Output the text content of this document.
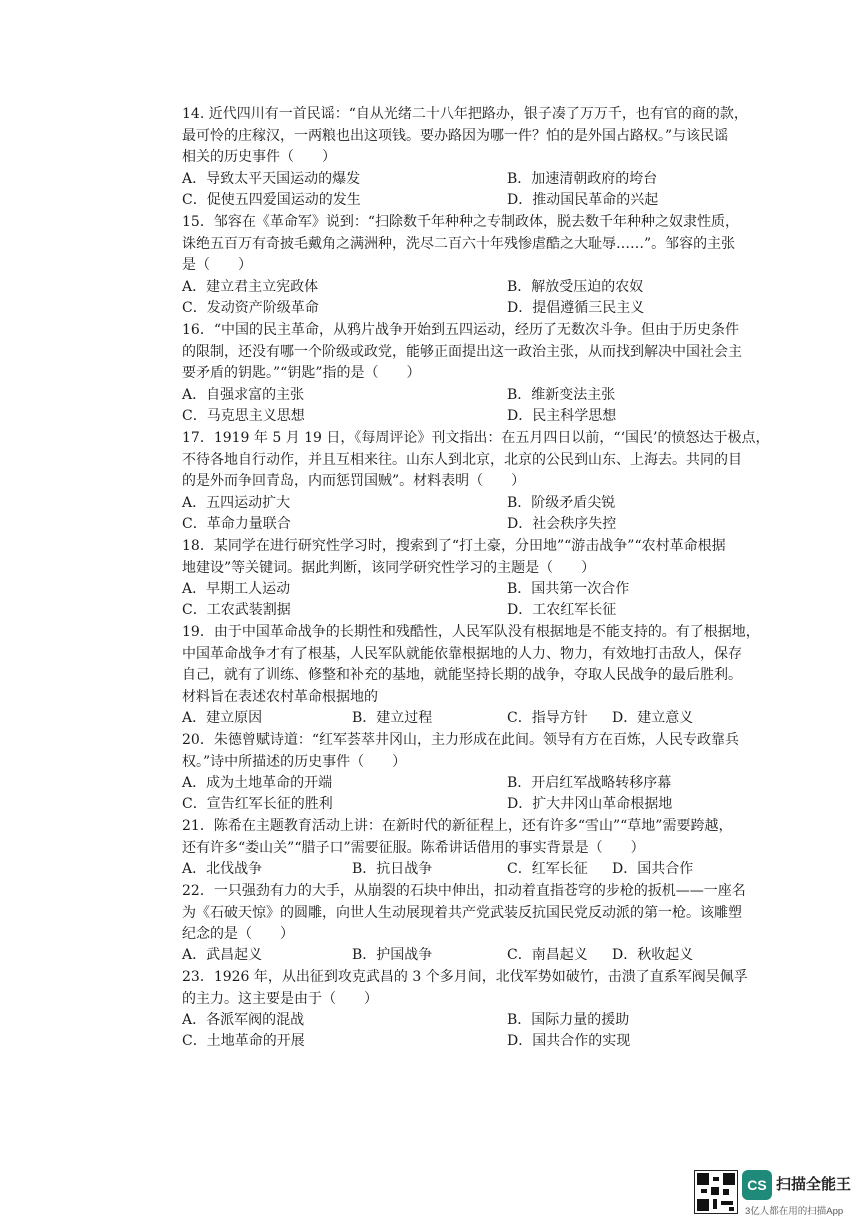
14. 近代四川有一首民谣：“自从光绪二十八年把路办，银子凑了万万千，也有官的商的款，
最可怜的庄稼汉，一两粮也出这项钱。要办路因为哪一件？怕的是外国占路权。”与该民谣
相关的历史事件（　　）
A．导致太平天国运动的爆发	B．加速清朝政府的垮台
C．促使五四爱国运动的发生	D．推动国民革命的兴起
15．邹容在《革命军》说到：“扫除数千年种种之专制政体，脱去数千年种种之奴隶性质，
诛绝五百万有奇披毛戴角之满洲种，洗尽二百六十年残惨虐酷之大耻辱……”。邹容的主张
是（　　）
A．建立君主立宪政体	B．解放受压迫的农奴
C．发动资产阶级革命	D．提倡遵循三民主义
16．“中国的民主革命，从鸦片战争开始到五四运动，经历了无数次斗争。但由于历史条件
的限制，还没有哪一个阶级或政党，能够正面提出这一政治主张，从而找到解决中国社会主
要矛盾的钥匙。”“钥匙”指的是（　　）
A．自强求富的主张	B．维新变法主张
C．马克思主义思想	D．民主科学思想
17．1919 年 5 月 19 日，《每周评论》刊文指出：在五月四日以前，“‘国民’的愤怒达于极点，
不待各地自行动作，并且互相来往。山东人到北京，北京的公民到山东、上海去。共同的目
的是外而争回青岛，内而惩罚国贼”。材料表明（　　）
A．五四运动扩大	B．阶级矛盾尖锐
C．革命力量联合	D．社会秩序失控
18．某同学在进行研究性学习时，搜索到了“打土豪，分田地”“游击战争”“农村革命根据
地建设”等关键词。据此判断，该同学研究性学习的主题是（　　）
A．早期工人运动	B．国共第一次合作
C．工农武装割据	D．工农红军长征
19．由于中国革命战争的长期性和残酷性，人民军队没有根据地是不能支持的。有了根据地，
中国革命战争才有了根基，人民军队就能依靠根据地的人力、物力，有效地打击敌人，保存
自己，就有了训练、修整和补充的基地，就能坚持长期的战争，夺取人民战争的最后胜利。
材料旨在表述农村革命根据地的
A．建立原因	B．建立过程	C．指导方针 D．建立意义
20．朱德曾赋诗道：“红军荟萃井冈山，主力形成在此间。领导有方在百炼，人民专政靠兵
权。”诗中所描述的历史事件（　　）
A．成为土地革命的开端	B．开启红军战略转移序幕
C．宣告红军长征的胜利	D．扩大井冈山革命根据地
21．陈希在主题教育活动上讲：在新时代的新征程上，还有许多“雪山”“草地”需要跨越，
还有许多“娄山关”“腊子口”需要征服。陈希讲话借用的事实背景是（　　）
A．北伐战争	B．抗日战争	C．红军长征 D．国共合作
22．一只强劲有力的大手，从崩裂的石块中伸出，扣动着直指苍穹的步枪的扳机——一座名
为《石破天惊》的圆雕，向世人生动展现着共产党武装反抗国民党反动派的第一枪。该雕塑
纪念的是（　　）
A．武昌起义	B．护国战争	C．南昌起义 D．秋收起义
23．1926 年，从出征到攻克武昌的 3 个多月间，北伐军势如破竹，击溃了直系军阀吴佩孚
的主力。这主要是由于（　　）
A．各派军阀的混战	B．国际力量的援助
C．土地革命的开展	D．国共合作的实现
CS 扫描全能王
3亿人都在用的扫描App
